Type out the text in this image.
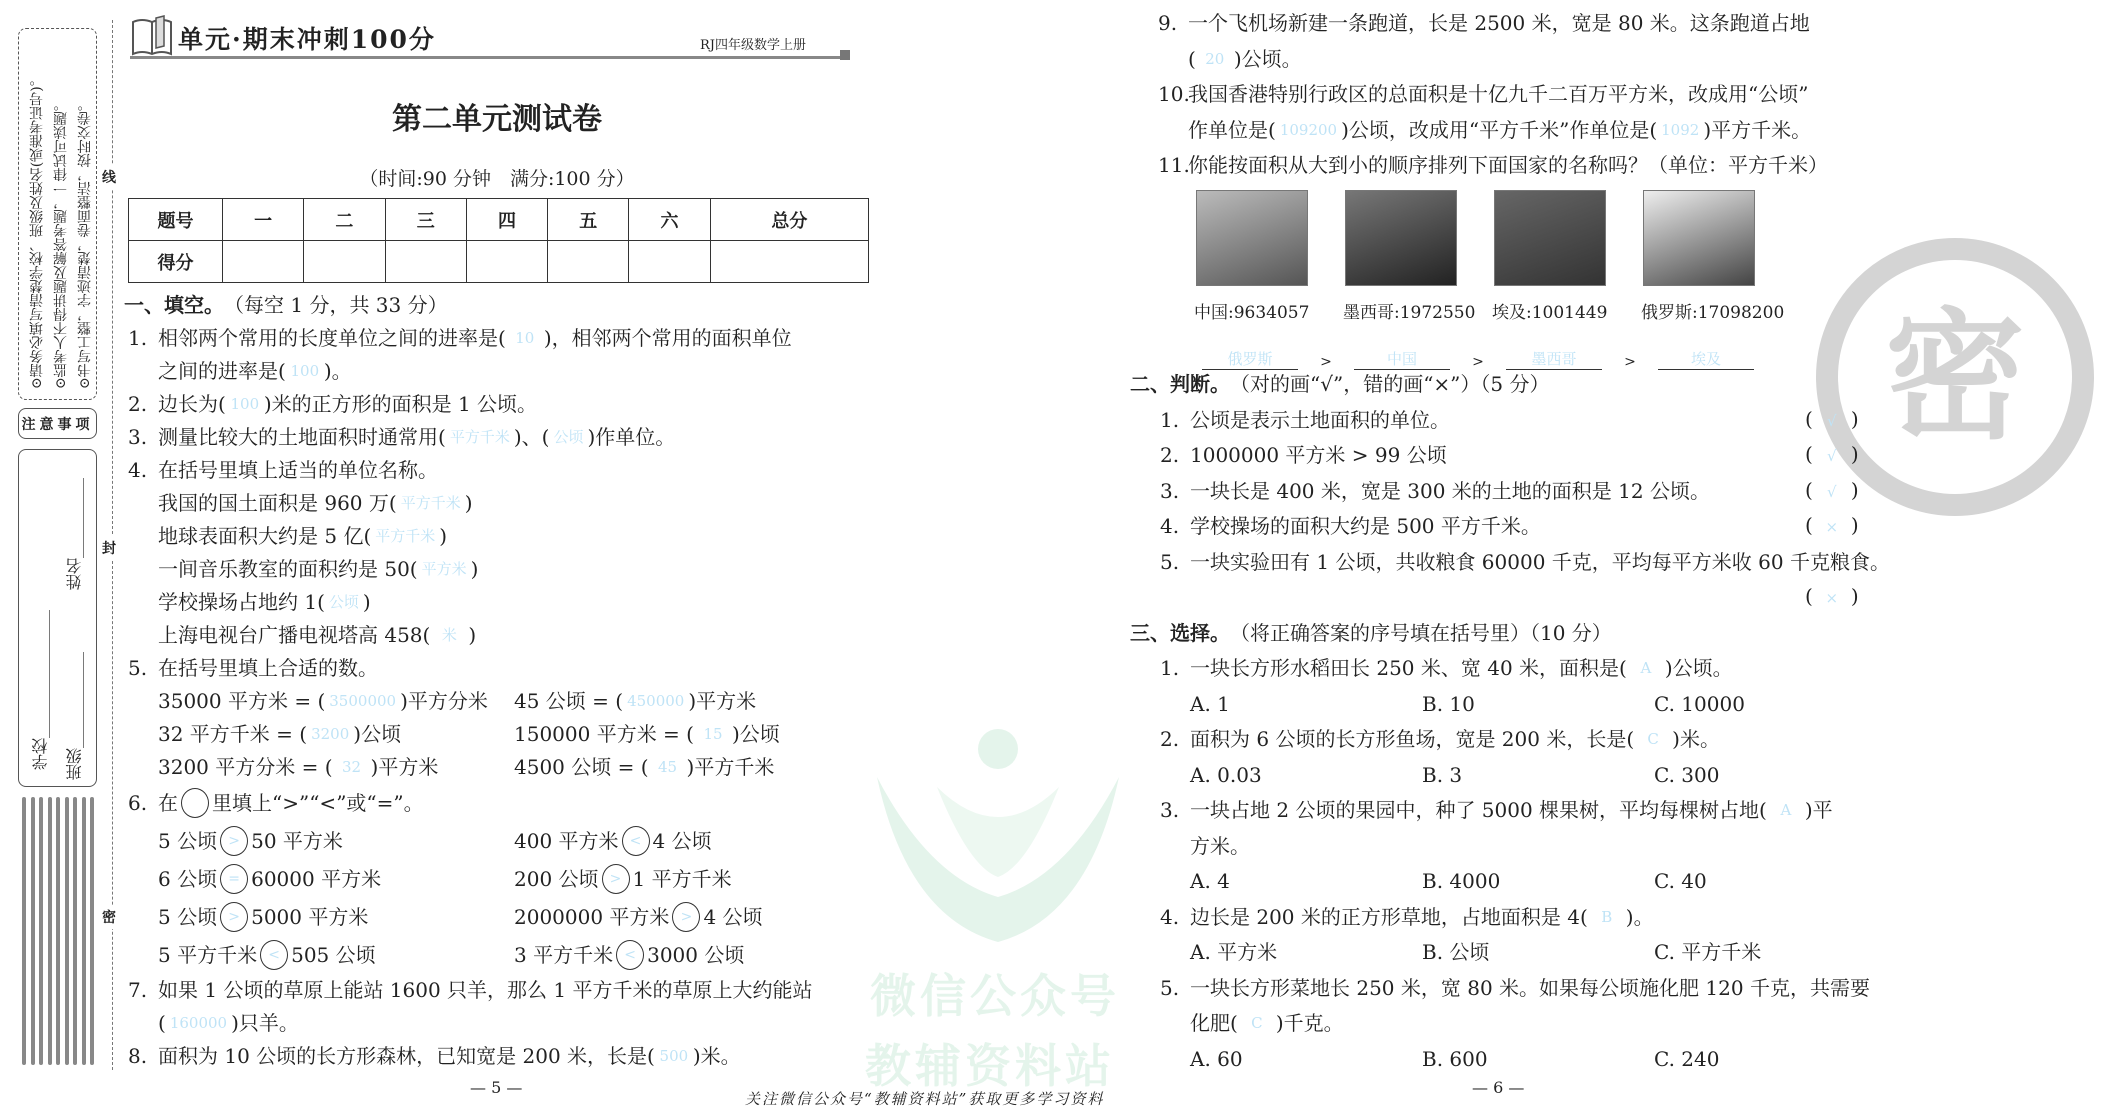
⊙请务必填写清楚学校、班级及姓名(或准考证号)。 ⊙监考人不得讲题及解答考题，一律试可读题。 ⊙书写工整，字迹清楚，卷面整洁，按时交卷。
注意事项
学校________________
姓名__________
班级____________
线
封
密
单元·期末冲刺100分	RJ四年级数学上册
第二单元测试卷
（时间:90 分钟　满分:100 分）
题号	一	二	三	四	五	六	总分
得分							
微信公众号
教辅资料站
密
一、填空。 （每空 1 分，共 33 分）
1. 相邻两个常用的长度单位之间的进率是( 10 )，相邻两个常用的面积单位
之间的进率是( 100 )。
2. 边长为( 100 )米的正方形的面积是 1 公顷。
3. 测量比较大的土地面积时通常用( 平方千米 )、( 公顷 )作单位。
4. 在括号里填上适当的单位名称。
我国的国土面积是 960 万( 平方千米 )
地球表面积大约是 5 亿( 平方千米 )
一间音乐教室的面积约是 50( 平方米 )
学校操场占地约 1( 公顷 )
上海电视台广播电视塔高 458( 米 )
5. 在括号里填上合适的数。
35000 平方米 = ( 3500000 )平方分米 45 公顷 = ( 450000 )平方米
32 平方千米 = ( 3200 )公顷	150000 平方米 = ( 15 )公顷
3200 平方分米 = ( 32 )平方米	4500 公顷 = ( 45 )平方千米
6. 在 里填上“>”“<”或“=”。
5 公顷 > 50 平方米	400 平方米 < 4 公顷
6 公顷 = 60000 平方米	200 公顷 > 1 平方千米
5 公顷 > 5000 平方米	2000000 平方米 > 4 公顷
5 平方千米 < 505 公顷	3 平方千米 < 3000 公顷
7. 如果 1 公顷的草原上能站 1600 只羊，那么 1 平方千米的草原上大约能站
( 160000 )只羊。
8. 面积为 10 公顷的长方形森林，已知宽是 200 米，长是( 500 )米。
9. 一个飞机场新建一条跑道，长是 2500 米，宽是 80 米。这条跑道占地
( 20 )公顷。
10.
我国香港特别行政区的总面积是十亿九千二百万平方米，改成用“公顷”
作单位是( 109200 )公顷，改成用“平方千米”作单位是( 1092 )平方千米。
11.
你能按面积从大到小的顺序排列下面国家的名称吗？（单位：平方千米）
中国:9634057	墨西哥:1972550 埃及:1001449	俄罗斯:17098200
俄罗斯	>	中国	>	墨西哥	>	埃及
二、判断。 （对的画“√”，错的画“×”）（5 分）
1. 公顷是表示土地面积的单位。	( √ )
2. 1000000 平方米 > 99 公顷	( √ )
3. 一块长是 400 米，宽是 300 米的土地的面积是 12 公顷。	( √ )
4. 学校操场的面积大约是 500 平方千米。	( × )
5. 一块实验田有 1 公顷，共收粮食 60000 千克，平均每平方米收 60 千克粮食。
( × )
三、选择。 （将正确答案的序号填在括号里）（10 分）
1. 一块长方形水稻田长 250 米、宽 40 米，面积是( A )公顷。
A. 1	B. 10	C. 10000
2. 面积为 6 公顷的长方形鱼场，宽是 200 米，长是( C )米。
A. 0.03	B. 3	C. 300
3. 一块占地 2 公顷的果园中，种了 5000 棵果树，平均每棵树占地( A )平
方米。
A. 4	B. 4000	C. 40
4. 边长是 200 米的正方形草地，占地面积是 4( B )。
A. 平方米	B. 公顷	C. 平方千米
5. 一块长方形菜地长 250 米，宽 80 米。如果每公顷施化肥 120 千克，共需要
化肥( C )千克。
A. 60	B. 600	C. 240
— 5 —	— 6 —
关注微信公众号“教辅资料站”获取更多学习资料
